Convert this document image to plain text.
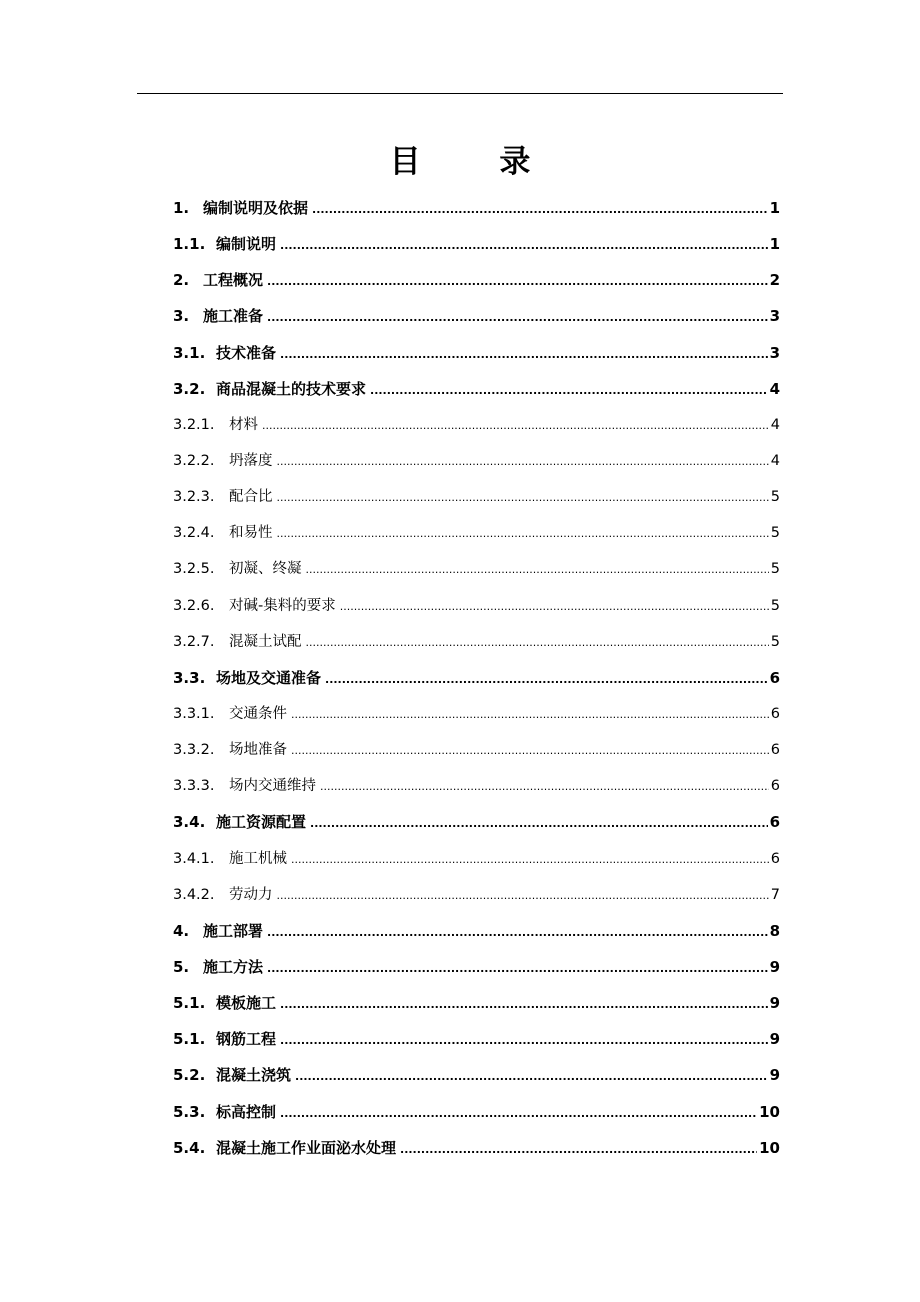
目 录
1. 编制说明及依据 .....	1
1.1. 编制说明 .....	1
2. 工程概况 .....	2
3. 施工准备 .....	3
3.1. 技术准备 .....	3
3.2. 商品混凝土的技术要求 .....	4
3.2.1. 材料 .....	4
3.2.2. 坍落度 .....	4
3.2.3. 配合比 .....	5
3.2.4. 和易性 .....	5
3.2.5. 初凝、终凝 .....	5
3.2.6. 对碱-集料的要求 .....	5
3.2.7. 混凝土试配 .....	5
3.3. 场地及交通准备 .....	6
3.3.1. 交通条件 .....	6
3.3.2. 场地准备 .....	6
3.3.3. 场内交通维持 .....	6
3.4. 施工资源配置 .....	6
3.4.1. 施工机械 .....	6
3.4.2. 劳动力 .....	7
4. 施工部署 .....	8
5. 施工方法 .....	9
5.1. 模板施工 .....	9
5.1. 钢筋工程 .....	9
5.2. 混凝土浇筑 .....	9
5.3. 标高控制 .....	10
5.4. 混凝土施工作业面泌水处理 .....	10
